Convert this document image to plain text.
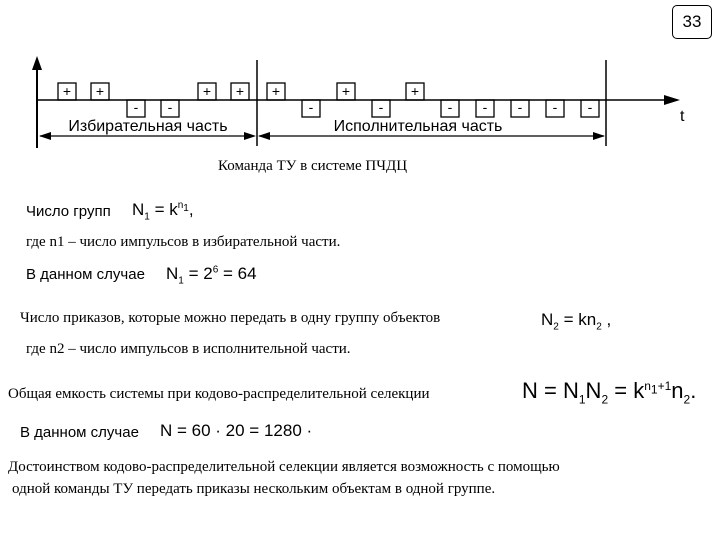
33
t
+ +	+ + +	+	+
- -	-	-	- - - - -
Избирательная часть	Исполнительная часть
Команда ТУ в системе ПЧДЦ
Число групп $N_1 = k^{n_1}$,
где n1 – число импульсов в избирательной части.
В данном случае $N_1 = 2^6 = 64$
Число приказов, которые можно передать в одну группу объектов	$N_2 = kn_2$ ,
где n2 – число импульсов в исполнительной части.
Общая емкость системы при кодово-распределительной селекции	$N = N_1N_2 = k^{n_1+1}n_2$.
В данном случае N = 60 · 20 = 1280 ·
Достоинством кодово-распределительной селекции является возможность с помощью
одной команды ТУ передать приказы нескольким объектам в одной группе.
